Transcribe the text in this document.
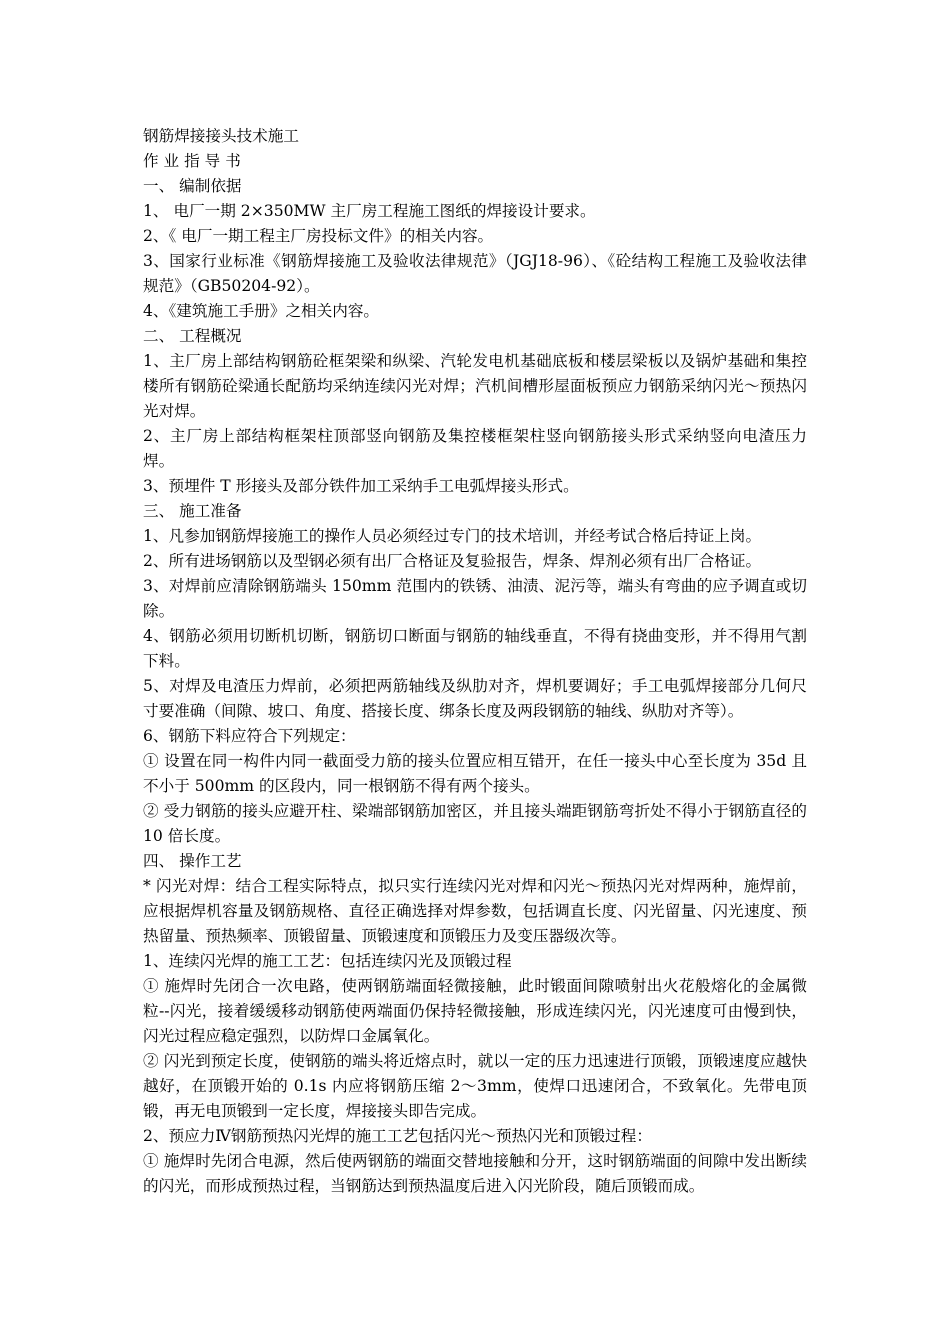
钢筋焊接接头技术施工

作 业 指 导 书

一、 编制依据

1、 电厂一期 2×350MW 主厂房工程施工图纸的焊接设计要求。

2、《 电厂一期工程主厂房投标文件》的相关内容。

3、国家行业标准《钢筋焊接施工及验收法律规范》（JGJ18-96）、《砼结构工程施工及验收法律规范》（GB50204-92）。

4、《建筑施工手册》之相关内容。

二、 工程概况

1、主厂房上部结构钢筋砼框架梁和纵梁、汽轮发电机基础底板和楼层梁板以及锅炉基础和集控楼所有钢筋砼梁通长配筋均采纳连续闪光对焊；汽机间槽形屋面板预应力钢筋采纳闪光～预热闪光对焊。

2、主厂房上部结构框架柱顶部竖向钢筋及集控楼框架柱竖向钢筋接头形式采纳竖向电渣压力焊。

3、预埋件 T 形接头及部分铁件加工采纳手工电弧焊接头形式。

三、 施工准备

1、凡参加钢筋焊接施工的操作人员必须经过专门的技术培训，并经考试合格后持证上岗。

2、所有进场钢筋以及型钢必须有出厂合格证及复验报告，焊条、焊剂必须有出厂合格证。

3、对焊前应清除钢筋端头 150mm 范围内的铁锈、油渍、泥污等，端头有弯曲的应予调直或切除。

4、钢筋必须用切断机切断，钢筋切口断面与钢筋的轴线垂直，不得有挠曲变形，并不得用气割下料。

5、对焊及电渣压力焊前，必须把两筋轴线及纵肋对齐，焊机要调好；手工电弧焊接部分几何尺寸要准确（间隙、坡口、角度、搭接长度、绑条长度及两段钢筋的轴线、纵肋对齐等）。

6、钢筋下料应符合下列规定：

① 设置在同一构件内同一截面受力筋的接头位置应相互错开，在任一接头中心至长度为 35d 且不小于 500mm 的区段内，同一根钢筋不得有两个接头。

② 受力钢筋的接头应避开柱、梁端部钢筋加密区，并且接头端距钢筋弯折处不得小于钢筋直径的 10 倍长度。

四、 操作工艺

* 闪光对焊：结合工程实际特点，拟只实行连续闪光对焊和闪光～预热闪光对焊两种，施焊前，应根据焊机容量及钢筋规格、直径正确选择对焊参数，包括调直长度、闪光留量、闪光速度、预热留量、预热频率、顶锻留量、顶锻速度和顶锻压力及变压器级次等。

1、连续闪光焊的施工工艺：包括连续闪光及顶锻过程

① 施焊时先闭合一次电路，使两钢筋端面轻微接触，此时锻面间隙喷射出火花般熔化的金属微粒--闪光，接着缓缓移动钢筋使两端面仍保持轻微接触，形成连续闪光，闪光速度可由慢到快，闪光过程应稳定强烈，以防焊口金属氧化。

② 闪光到预定长度，使钢筋的端头将近熔点时，就以一定的压力迅速进行顶锻，顶锻速度应越快越好，在顶锻开始的 0.1s 内应将钢筋压缩 2～3mm，使焊口迅速闭合，不致氧化。先带电顶锻，再无电顶锻到一定长度，焊接接头即告完成。

2、预应力Ⅳ钢筋预热闪光焊的施工工艺包括闪光～预热闪光和顶锻过程：

① 施焊时先闭合电源，然后使两钢筋的端面交替地接触和分开，这时钢筋端面的间隙中发出断续的闪光，而形成预热过程，当钢筋达到预热温度后进入闪光阶段，随后顶锻而成。
